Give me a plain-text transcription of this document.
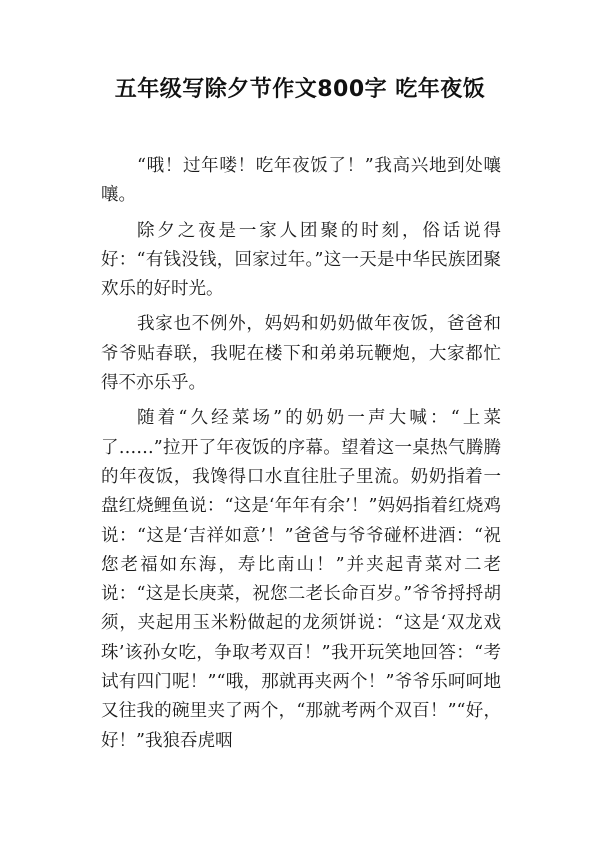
五年级写除夕节作文800字 吃年夜饭

“哦！过年喽！吃年夜饭了！”我高兴地到处嚷嚷。

除夕之夜是一家人团聚的时刻，俗话说得好：“有钱没钱，回家过年。”这一天是中华民族团聚欢乐的好时光。

我家也不例外，妈妈和奶奶做年夜饭，爸爸和爷爷贴春联，我呢在楼下和弟弟玩鞭炮，大家都忙得不亦乐乎。

随着“久经菜场”的奶奶一声大喊：“上菜了……”拉开了年夜饭的序幕。望着这一桌热气腾腾的年夜饭，我馋得口水直往肚子里流。奶奶指着一盘红烧鲤鱼说：“这是‘年年有余’！”妈妈指着红烧鸡说：“这是‘吉祥如意’！”爸爸与爷爷碰杯进酒：“祝您老福如东海，寿比南山！”并夹起青菜对二老说：“这是长庚菜，祝您二老长命百岁。”爷爷捋捋胡须，夹起用玉米粉做起的龙须饼说：“这是‘双龙戏珠’该孙女吃，争取考双百！”我开玩笑地回答：“考试有四门呢！”“哦，那就再夹两个！”爷爷乐呵呵地又往我的碗里夹了两个，“那就考两个双百！”“好，好！”我狼吞虎咽
